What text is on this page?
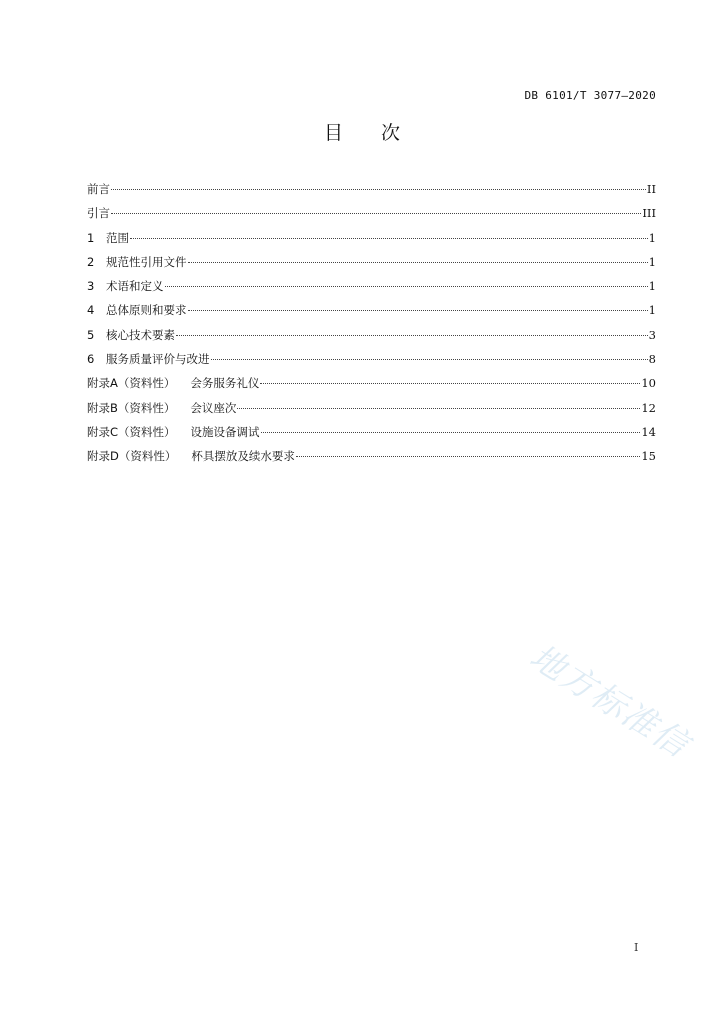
DB 6101/T 3077—2020
目次
前言	II
引言	III
1	范围	1
2	规范性引用文件	1
3	术语和定义	1
4	总体原则和要求	1
5	核心技术要素	3
6	服务质量评价与改进	8
附录A（资料性） 会务服务礼仪	10
附录B（资料性） 会议座次	12
附录C（资料性） 设施设备调试	14
附录D（资料性） 杯具摆放及续水要求	15
地方标准信
I
